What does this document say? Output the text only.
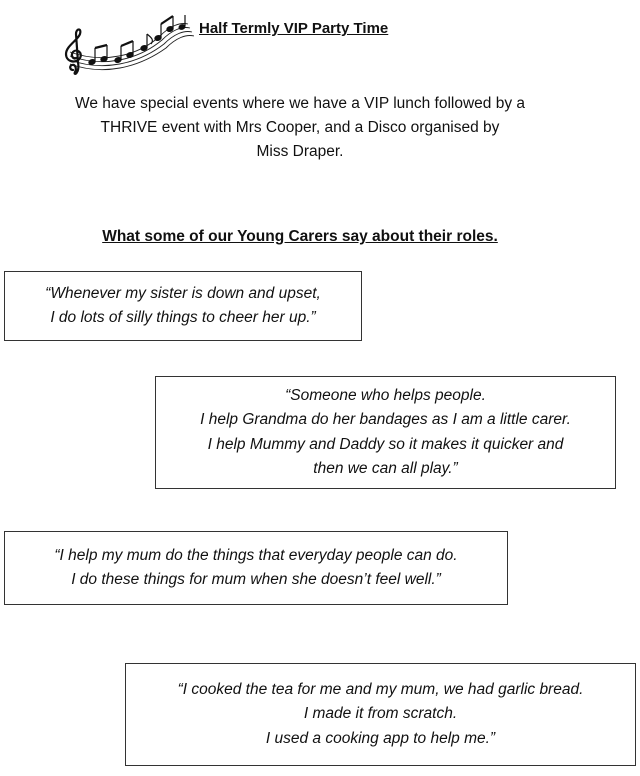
Half Termly VIP Party Time
We have special events where we have a VIP lunch followed by a
THRIVE event with Mrs Cooper, and a Disco organised by
Miss Draper.
What some of our Young Carers say about their roles.
“Whenever my sister is down and upset,
I do lots of silly things to cheer her up.”
“Someone who helps people.
I help Grandma do her bandages as I am a little carer.
I help Mummy and Daddy so it makes it quicker and
then we can all play.”
“I help my mum do the things that everyday people can do.
I do these things for mum when she doesn’t feel well.”
“I cooked the tea for me and my mum, we had garlic bread.
I made it from scratch.
I used a cooking app to help me.”
